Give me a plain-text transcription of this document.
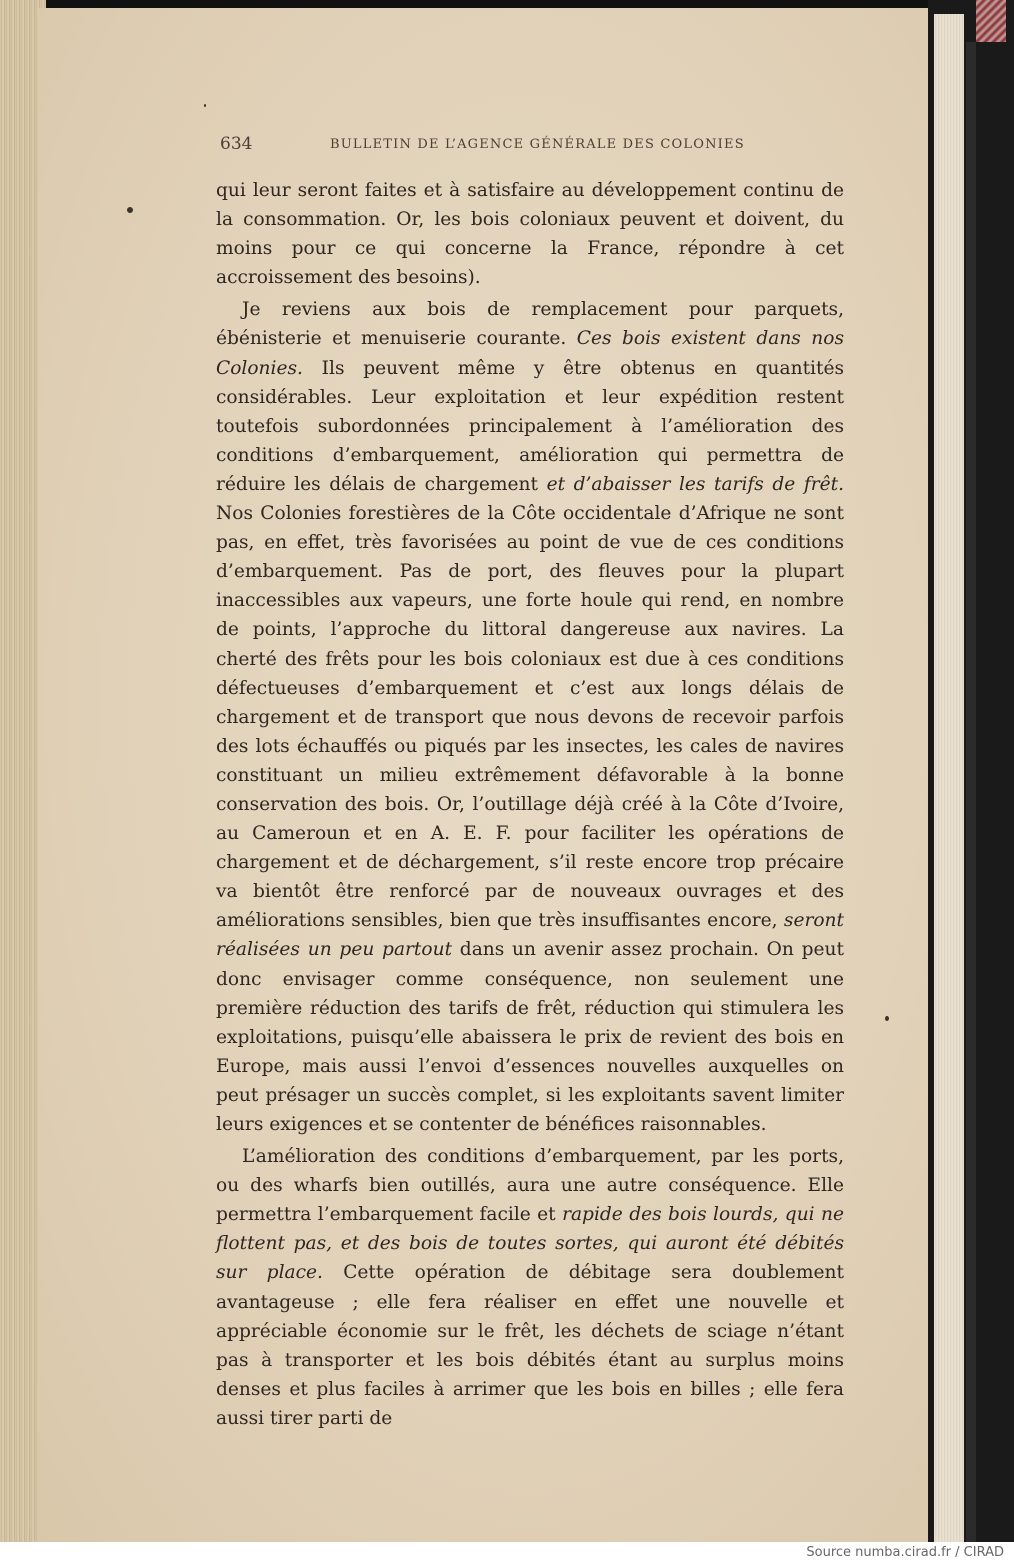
634	BULLETIN DE L’AGENCE GÉNÉRALE DES COLONIES

qui leur seront faites et à satisfaire au développement continu de la consommation. Or, les bois coloniaux peuvent et doivent, du moins pour ce qui concerne la France, répondre à cet accroissement des besoins).

Je reviens aux bois de remplacement pour parquets, ébénisterie et menuiserie courante. Ces bois existent dans nos Colonies. Ils peuvent même y être obtenus en quantités considérables. Leur exploitation et leur expédition restent toutefois subordonnées principalement à l’amélioration des conditions d’embarquement, amélioration qui permettra de réduire les délais de chargement et d’abaisser les tarifs de frêt. Nos Colonies forestières de la Côte occidentale d’Afrique ne sont pas, en effet, très favorisées au point de vue de ces conditions d’embarquement. Pas de port, des fleuves pour la plupart inaccessibles aux vapeurs, une forte houle qui rend, en nombre de points, l’approche du littoral dangereuse aux navires. La cherté des frêts pour les bois coloniaux est due à ces conditions défectueuses d’embarquement et c’est aux longs délais de chargement et de transport que nous devons de recevoir parfois des lots échauffés ou piqués par les insectes, les cales de navires constituant un milieu extrêmement défavorable à la bonne conservation des bois. Or, l’outillage déjà créé à la Côte d’Ivoire, au Cameroun et en A. E. F. pour faciliter les opérations de chargement et de déchargement, s’il reste encore trop précaire va bientôt être renforcé par de nouveaux ouvrages et des améliorations sensibles, bien que très insuffisantes encore, seront réalisées un peu partout dans un avenir assez prochain. On peut donc envisager comme conséquence, non seulement une première réduction des tarifs de frêt, réduction qui stimulera les exploitations, puisqu’elle abaissera le prix de revient des bois en Europe, mais aussi l’envoi d’essences nouvelles auxquelles on peut présager un succès complet, si les exploitants savent limiter leurs exigences et se contenter de bénéfices raisonnables.

L’amélioration des conditions d’embarquement, par les ports, ou des wharfs bien outillés, aura une autre conséquence. Elle permettra l’embarquement facile et rapide des bois lourds, qui ne flottent pas, et des bois de toutes sortes, qui auront été débités sur place. Cette opération de débitage sera doublement avantageuse ; elle fera réaliser en effet une nouvelle et appréciable économie sur le frêt, les déchets de sciage n’étant pas à transporter et les bois débités étant au surplus moins denses et plus faciles à arrimer que les bois en billes ; elle fera aussi tirer parti de

Source numba.cirad.fr / CIRAD
